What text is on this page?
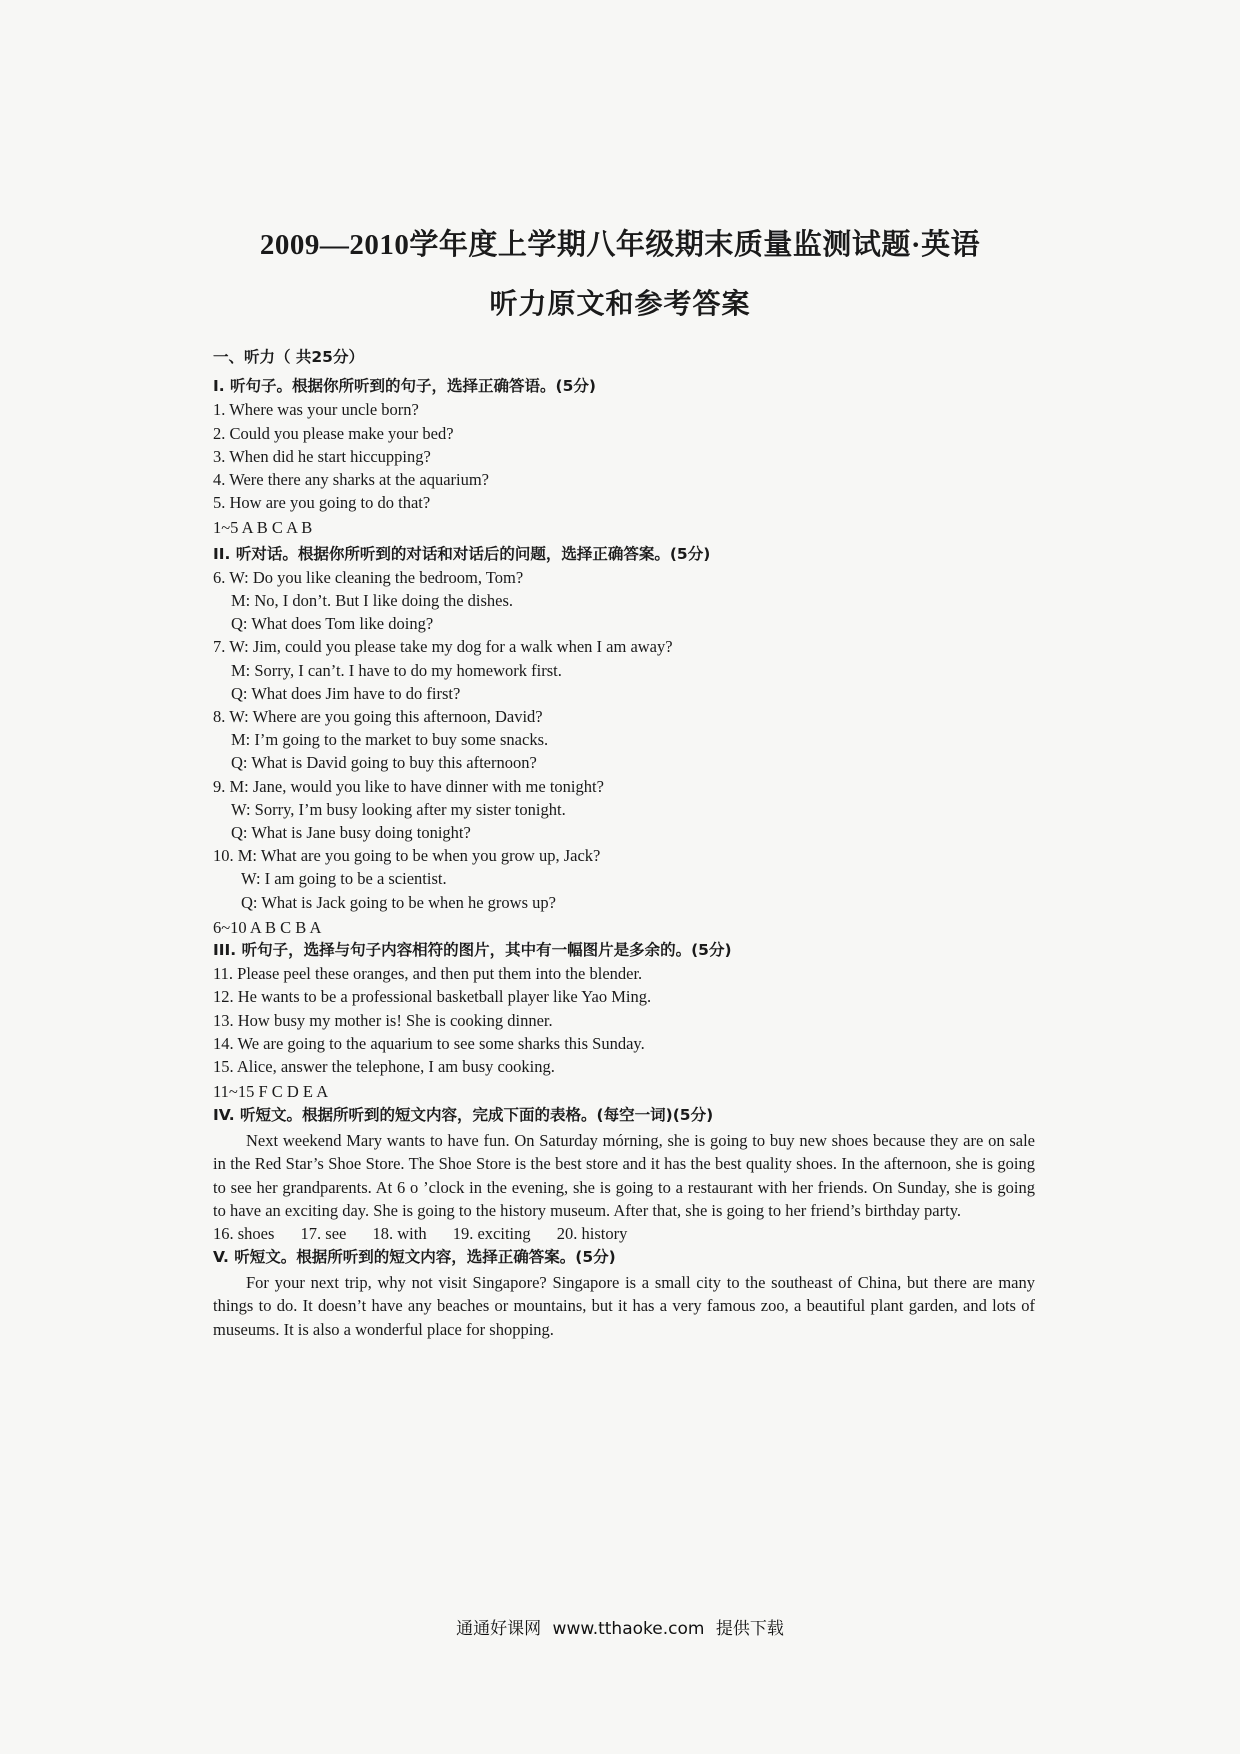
2009—2010学年度上学期八年级期末质量监测试题·英语
听力原文和参考答案
一、听力（ 共25分）
I. 听句子。根据你所听到的句子，选择正确答语。(5分)
1. Where was your uncle born?
2. Could you please make your bed?
3. When did he start hiccupping?
4. Were there any sharks at the aquarium?
5. How are you going to do that?
1~5 A B C A B
II. 听对话。根据你所听到的对话和对话后的问题，选择正确答案。(5分)
6. W: Do you like cleaning the bedroom, Tom?
M: No, I don’t. But I like doing the dishes.
Q: What does Tom like doing?
7. W: Jim, could you please take my dog for a walk when I am away?
M: Sorry, I can’t. I have to do my homework first.
Q: What does Jim have to do first?
8. W: Where are you going this afternoon, David?
M: I’m going to the market to buy some snacks.
Q: What is David going to buy this afternoon?
9. M: Jane, would you like to have dinner with me tonight?
W: Sorry, I’m busy looking after my sister tonight.
Q: What is Jane busy doing tonight?
10. M: What are you going to be when you grow up, Jack?
W: I am going to be a scientist.
Q: What is Jack going to be when he grows up?
6~10 A B C B A
III. 听句子，选择与句子内容相符的图片，其中有一幅图片是多余的。(5分)
11. Please peel these oranges, and then put them into the blender.
12. He wants to be a professional basketball player like Yao Ming.
13. How busy my mother is! She is cooking dinner.
14. We are going to the aquarium to see some sharks this Sunday.
15. Alice, answer the telephone, I am busy cooking.
11~15 F C D E A
IV. 听短文。根据所听到的短文内容，完成下面的表格。(每空一词)(5分)
Next weekend Mary wants to have fun. On Saturday mórning, she is going to buy new shoes because they are on sale in the Red Star’s Shoe Store. The Shoe Store is the best store and it has the best quality shoes. In the afternoon, she is going to see her grandparents. At 6 o ’clock in the evening, she is going to a restaurant with her friends. On Sunday, she is going to have an exciting day. She is going to the history museum. After that, she is going to her friend’s birthday party.
16. shoes 17. see 18. with 19. exciting 20. history
V. 听短文。根据所听到的短文内容，选择正确答案。(5分)
For your next trip, why not visit Singapore? Singapore is a small city to the southeast of China, but there are many things to do. It doesn’t have any beaches or mountains, but it has a very famous zoo, a beautiful plant garden, and lots of museums. It is also a wonderful place for shopping.
通通好课网 www.tthaoke.com 提供下载
